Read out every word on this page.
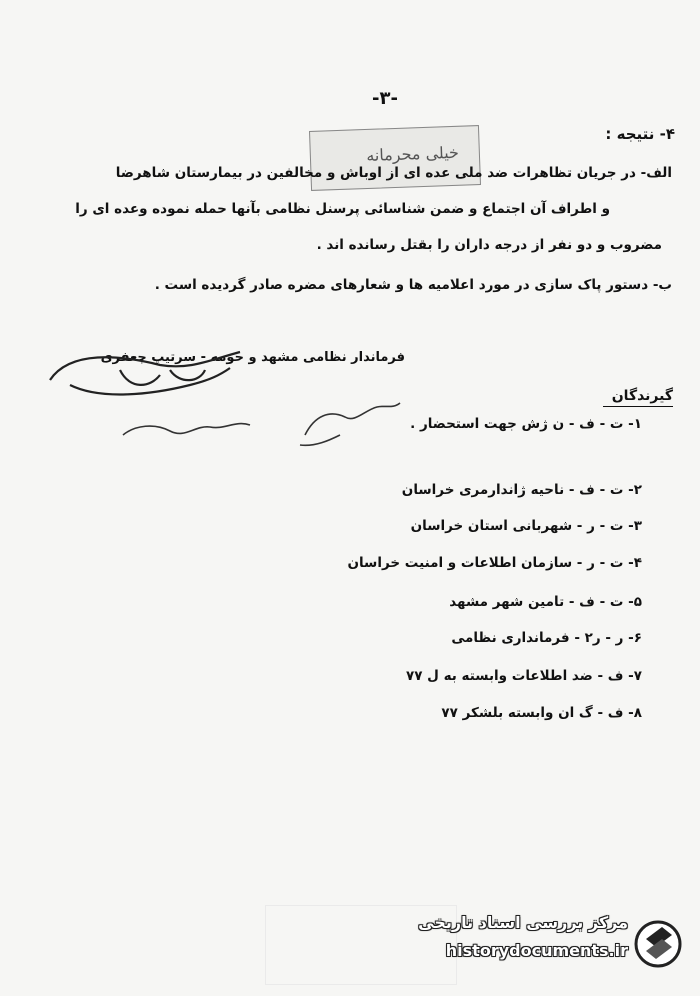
-۳-
خیلی محرمانه
۴- نتیجه :
الف- در جریان تظاهرات ضد ملی عده ای از اوباش و مخالفین در بیمارستان شاهرضا
و اطراف آن اجتماع و ضمن شناسائی پرسنل نظامی بآنها حمله نموده وعده ای را
مضروب و دو نفر از درجه داران را بقتل رسانده اند .
ب- دستور پاک سازی در مورد اعلامیه ها و شعارهای مضره صادر گردیده است .
فرماندار نظامی مشهد و حومه - سرتیپ جعفری
گیرندگان
۱- ت - ف - ن ژش جهت استحضار .
۲- ت - ف - ناحیه ژاندارمری خراسان
۳- ت - ر - شهربانی استان خراسان
۴- ت - ر - سازمان اطلاعات و امنیت خراسان
۵- ت - ف - تامین شهر مشهد
۶- ر - ر۲ - فرمانداری نظامی
۷- ف - ضد اطلاعات وابسته به ل ۷۷
۸- ف - گ ان وابسته بلشکر ۷۷
مرکز بررسی اسناد تاریخی
historydocuments.ir
